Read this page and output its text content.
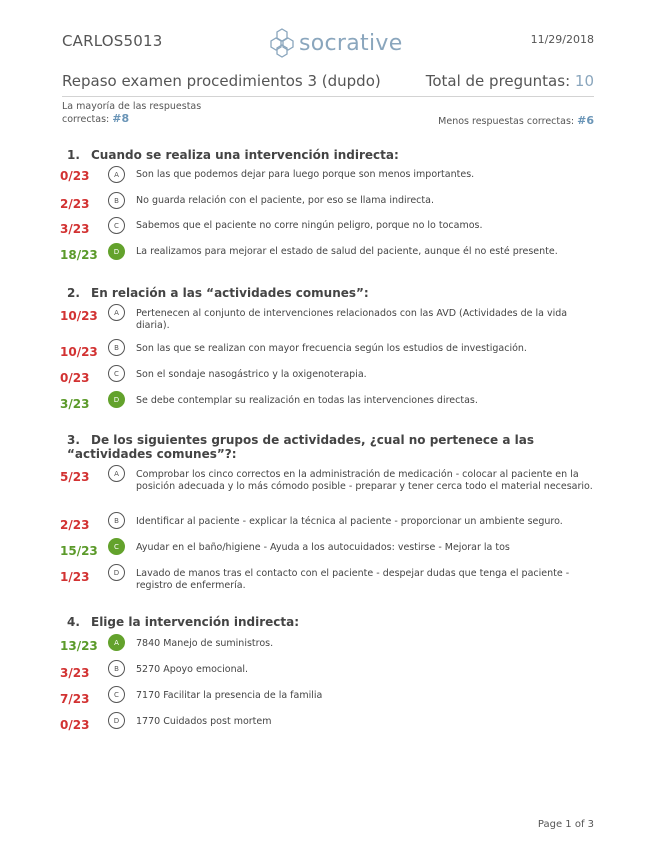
CARLOS5013	socrative	11/29/2018
Repaso examen procedimientos 3 (dupdo)	Total de preguntas: 10
La mayoría de las respuestas correctas: #8	Menos respuestas correctas: #6
1. Cuando se realiza una intervención indirecta:
0/23	A	Son las que podemos dejar para luego porque son menos importantes.
2/23	B	No guarda relación con el paciente, por eso se llama indirecta.
3/23	C	Sabemos que el paciente no corre ningún peligro, porque no lo tocamos.
18/23	D	La realizamos para mejorar el estado de salud del paciente, aunque él no esté presente.
2. En relación a las “actividades comunes”:
10/23	A	Pertenecen al conjunto de intervenciones relacionados con las AVD (Actividades de la vida diaria).
10/23	B	Son las que se realizan con mayor frecuencia según los estudios de investigación.
0/23	C	Son el sondaje nasogástrico y la oxigenoterapia.
3/23	D	Se debe contemplar su realización en todas las intervenciones directas.
3. De los siguientes grupos de actividades, ¿cual no pertenece a las “actividades comunes”?:
5/23	A	Comprobar los cinco correctos en la administración de medicación - colocar al paciente en la posición adecuada y lo más cómodo posible - preparar y tener cerca todo el material necesario.
2/23	B	Identificar al paciente - explicar la técnica al paciente - proporcionar un ambiente seguro.
15/23	C	Ayudar en el baño/higiene - Ayuda a los autocuidados: vestirse - Mejorar la tos
1/23	D	Lavado de manos tras el contacto con el paciente - despejar dudas que tenga el paciente - registro de enfermería.
4. Elige la intervención indirecta:
13/23	A	7840 Manejo de suministros.
3/23	B	5270 Apoyo emocional.
7/23	C	7170 Facilitar la presencia de la familia
0/23	D	1770 Cuidados post mortem
Page 1 of 3
